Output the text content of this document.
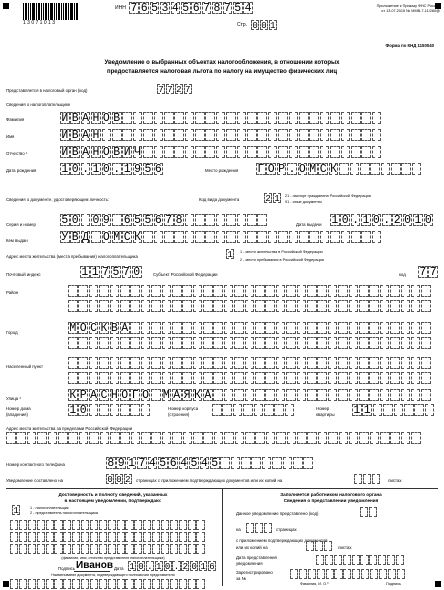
1 3 0 7 1 0 1 3
ИНН 7 6 5 3 4 5 6 7 8 7 5 4
Стр. 0 0 1
Приложение к Приказу ФНС России
от 13.07.2015 № ММВ-7-11/280@
Форма по КНД 1150040
Уведомление о выбранных объектах налогообложения, в отношении которых
предоставляется налоговая льгота по налогу на имущество физических лиц
Представляется в налоговый орган (код)	7 7 2 7
Сведения о налогоплательщике
Фамилия	И В А Н О В
Имя	И В А Н
Отчество ¹	И В А Н О В И Ч
Дата рождения 1 0 . 1 0 . 1 9 5 6	Место рождения Г О Р . О М С К
Сведения о документе, удостоверяющем личность:	Код вида документа	2 1	21 - паспорт гражданина Российской Федерации
91 - иные документы
Серия и номер 5 0 0 9 6 5 5 6 7 8	Дата выдачи 1 0 . 1 0 . 2 0 1 0
Кем выдан	У В Д О М С К
Адрес места жительства (места пребывания) налогоплательщика	1	1 - место жительства в Российской Федерации
2 - место пребывания в Российской Федерации
Почтовый индекс	1 1 7 5 7 0	Субъект Российской Федерации	код 7 7
Район
Город	М О С К В А
Населенный пункт
Улица ³	К Р А С Н О Г О М А Я К А
Номер дома
(владения)	1 0	Номер корпуса
(строения)
Номер
квартиры 1 1
Адрес места жительства за пределами Российской Федерации
Номер контактного телефона	8 9 1 7 4 5 6 4 5 4 5
Уведомление составлено на	0 0 2	страницах с приложением подтверждающих документов или их копий на	листах
Достоверность и полноту сведений, указанных
в настоящем уведомлении, подтверждаю:
1	1 - налогоплательщик
2 - представитель налогоплательщика
(фамилия, имя, отчество представителя налогоплательщика)
Подпись Иванов Дата 1 0 . 1 0 . 2 0 1 6
Наименование документа, подтверждающего полномочия представителя
Заполняется работником налогового органа
Сведения о представлении уведомления
Данное уведомление представлено (код)
на	страницах
с приложением подтверждающих документов
или их копий на	листах
Дата представления
уведомления
Зарегистрировано
за №
Фамилия, И. О.³	Подпись
